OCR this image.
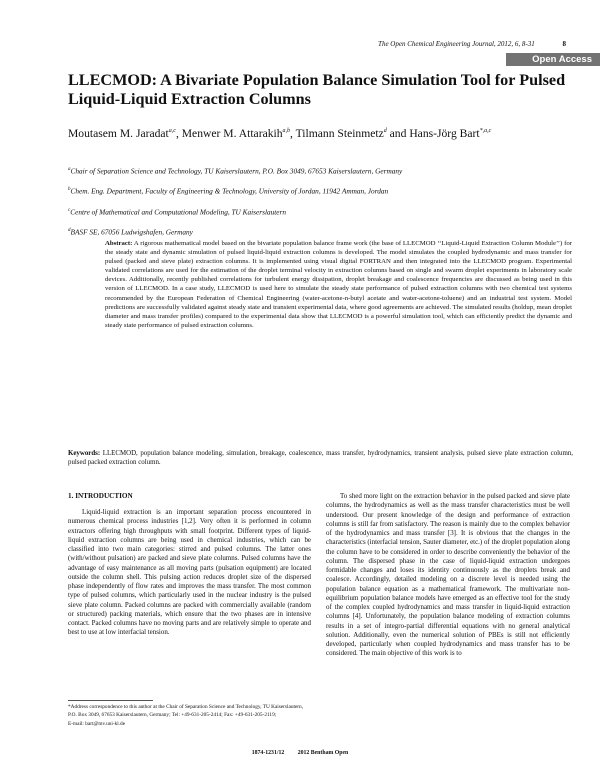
The Open Chemical Engineering Journal, 2012, 6, 8-31	8
Open Access
LLECMOD: A Bivariate Population Balance Simulation Tool for Pulsed Liquid-Liquid Extraction Columns
Moutasem M. Jaradat$^{a,c}$, Menwer M. Attarakih$^{a,b}$, Tilmann Steinmetz$^d$ and Hans-Jörg Bart$^{*,a,c}$
$^a$Chair of Separation Science and Technology, TU Kaiserslautern, P.O. Box 3049, 67653 Kaiserslautern, Germany
$^b$Chem. Eng. Department, Faculty of Engineering & Technology, University of Jordan, 11942 Amman, Jordan
$^c$Centre of Mathematical and Computational Modeling, TU Kaiserslautern
$^d$BASF SE, 67056 Ludwigshafen, Germany
Abstract: A rigorous mathematical model based on the bivariate population balance frame work (the base of LLECMOD ‘‘Liquid-Liquid Extraction Column Module’’) for the steady state and dynamic simulation of pulsed liquid-liquid extraction columns is developed. The model simulates the coupled hydrodynamic and mass transfer for pulsed (packed and sieve plate) extraction columns. It is implemented using visual digital FORTRAN and then integrated into the LLECMOD program. Experimental validated correlations are used for the estimation of the droplet terminal velocity in extraction columns based on single and swarm droplet experiments in laboratory scale devices. Additionally, recently published correlations for turbulent energy dissipation, droplet breakage and coalescence frequencies are discussed as being used in this version of LLECMOD. In a case study, LLECMOD is used here to simulate the steady state performance of pulsed extraction columns with two chemical test systems recommended by the European Federation of Chemical Engineering (water-acetone-n-butyl acetate and water-acetone-toluene) and an industrial test system. Model predictions are successfully validated against steady state and transient experimental data, where good agreements are achieved. The simulated results (holdup, mean droplet diameter and mass transfer profiles) compared to the experimental data show that LLECMOD is a powerful simulation tool, which can efficiently predict the dynamic and steady state performance of pulsed extraction columns.
Keywords: LLECMOD, population balance modeling, simulation, breakage, coalescence, mass transfer, hydrodynamics, transient analysis, pulsed sieve plate extraction column, pulsed packed extraction column.
1. INTRODUCTION

Liquid-liquid extraction is an important separation process encountered in numerous chemical process industries [1,2]. Very often it is performed in column extractors offering high throughputs with small footprint. Different types of liquid-liquid extraction columns are being used in chemical industries, which can be classified into two main categories: stirred and pulsed columns. The latter ones (with/without pulsation) are packed and sieve plate columns. Pulsed columns have the advantage of easy maintenance as all moving parts (pulsation equipment) are located outside the column shell. This pulsing action reduces droplet size of the dispersed phase independently of flow rates and improves the mass transfer. The most common type of pulsed columns, which particularly used in the nuclear industry is the pulsed sieve plate column. Packed columns are packed with commercially available (random or structured) packing materials, which ensure that the two phases are in intensive contact. Packed columns have no moving parts and are relatively simple to operate and best to use at low interfacial tension.

To shed more light on the extraction behavior in the pulsed packed and sieve plate columns, the hydrodynamics as well as the mass transfer characteristics must be well understood. Our present knowledge of the design and performance of extraction columns is still far from satisfactory. The reason is mainly due to the complex behavior of the hydrodynamics and mass transfer [3]. It is obvious that the changes in the characteristics (interfacial tension, Sauter diameter, etc.) of the droplet population along the column have to be considered in order to describe conveniently the behavior of the column. The dispersed phase in the case of liquid-liquid extraction undergoes formidable changes and loses its identity continuously as the droplets break and coalesce. Accordingly, detailed modeling on a discrete level is needed using the population balance equation as a mathematical framework. The multivariate non-equilibrium population balance models have emerged as an effective tool for the study of the complex coupled hydrodynamics and mass transfer in liquid-liquid extraction columns [4]. Unfortunately, the population balance modeling of extraction columns results in a set of integro-partial differential equations with no general analytical solution. Additionally, even the numerical solution of PBEs is still not efficiently developed, particularly when coupled hydrodynamics and mass transfer has to be considered. The main objective of this work is to

*Address correspondence to this author at the Chair of Separation Science and Technology, TU Kaiserslautern, P.O. Box 3049, 67653 Kaiserslautern, Germany; Tel: +49-631-205-2414; Fax: +49-631-205-2119;
E-mail: bart@mv.uni-kl.de
1874-1231/12 2012 Bentham Open
